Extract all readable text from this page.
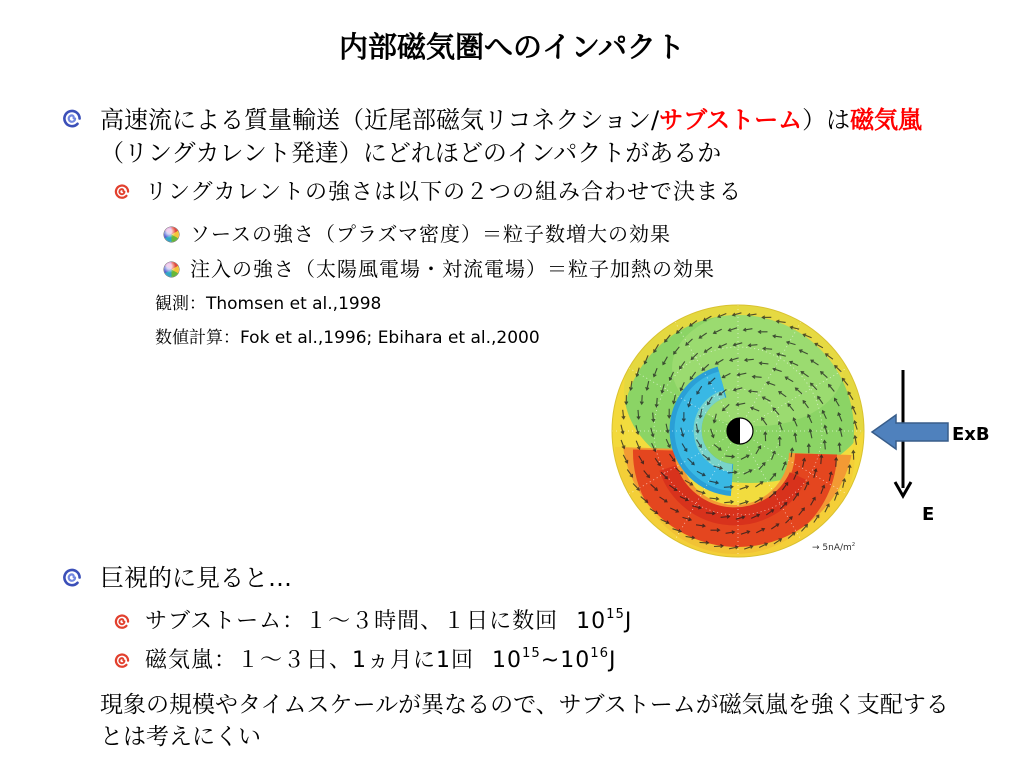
内部磁気圏へのインパクト
高速流による質量輸送（近尾部磁気リコネクション/サブストーム）は磁気嵐（リングカレント発達）にどれほどのインパクトがあるか
リングカレントの強さは以下の２つの組み合わせで決まる
ソースの強さ（プラズマ密度）＝粒子数増大の効果
注入の強さ（太陽風電場・対流電場）＝粒子加熱の効果
観測：Thomsen et al.,1998
数値計算：Fok et al.,1996; Ebihara et al.,2000
→ $5nA/m^2$
ExB
E
巨視的に見ると…
サブストーム：１～３時間、１日に数回 $10^{15}J$
磁気嵐：１～３日、1ヵ月に1回 $10^{15}\sim 10^{16}J$
現象の規模やタイムスケールが異なるので、サブストームが磁気嵐を強く支配するとは考えにくい
